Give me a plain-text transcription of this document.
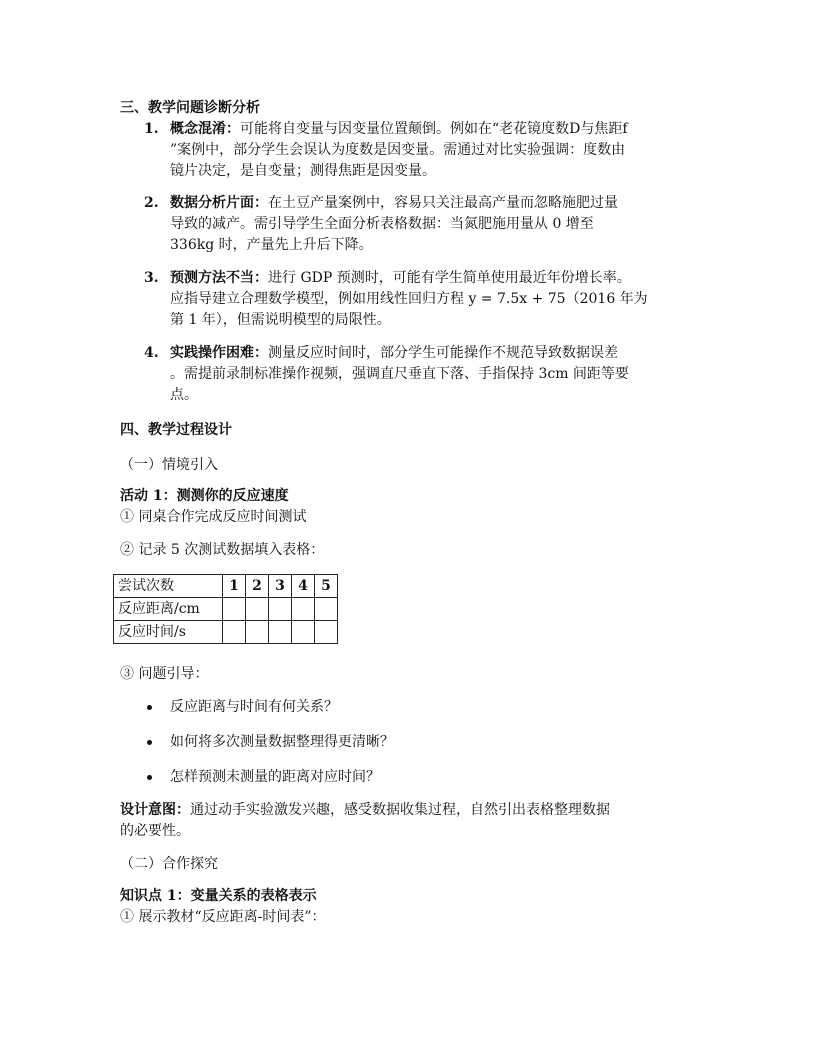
三、教学问题诊断分析
1. 概念混淆：可能将自变量与因变量位置颠倒。例如在“老花镜度数D与焦距f
”案例中，部分学生会误认为度数是因变量。需通过对比实验强调：度数由
镜片决定，是自变量；测得焦距是因变量。
2. 数据分析片面：在土豆产量案例中，容易只关注最高产量而忽略施肥过量
导致的减产。需引导学生全面分析表格数据：当氮肥施用量从 0 增至
336kg 时，产量先上升后下降。
3. 预测方法不当：进行 GDP 预测时，可能有学生简单使用最近年份增长率。
应指导建立合理数学模型，例如用线性回归方程 y = 7.5x + 75（2016 年为
第 1 年），但需说明模型的局限性。
4. 实践操作困难：测量反应时间时，部分学生可能操作不规范导致数据误差
。需提前录制标准操作视频，强调直尺垂直下落、手指保持 3cm 间距等要
点。
四、教学过程设计
（一）情境引入
活动 1：测测你的反应速度
① 同桌合作完成反应时间测试
② 记录 5 次测试数据填入表格：
尝试次数	1	2	3	4	5
反应距离/cm					
反应时间/s					
③ 问题引导：
反应距离与时间有何关系？
如何将多次测量数据整理得更清晰？
怎样预测未测量的距离对应时间？
设计意图：通过动手实验激发兴趣，感受数据收集过程，自然引出表格整理数据
的必要性。
（二）合作探究
知识点 1：变量关系的表格表示
① 展示教材“反应距离-时间表”：
